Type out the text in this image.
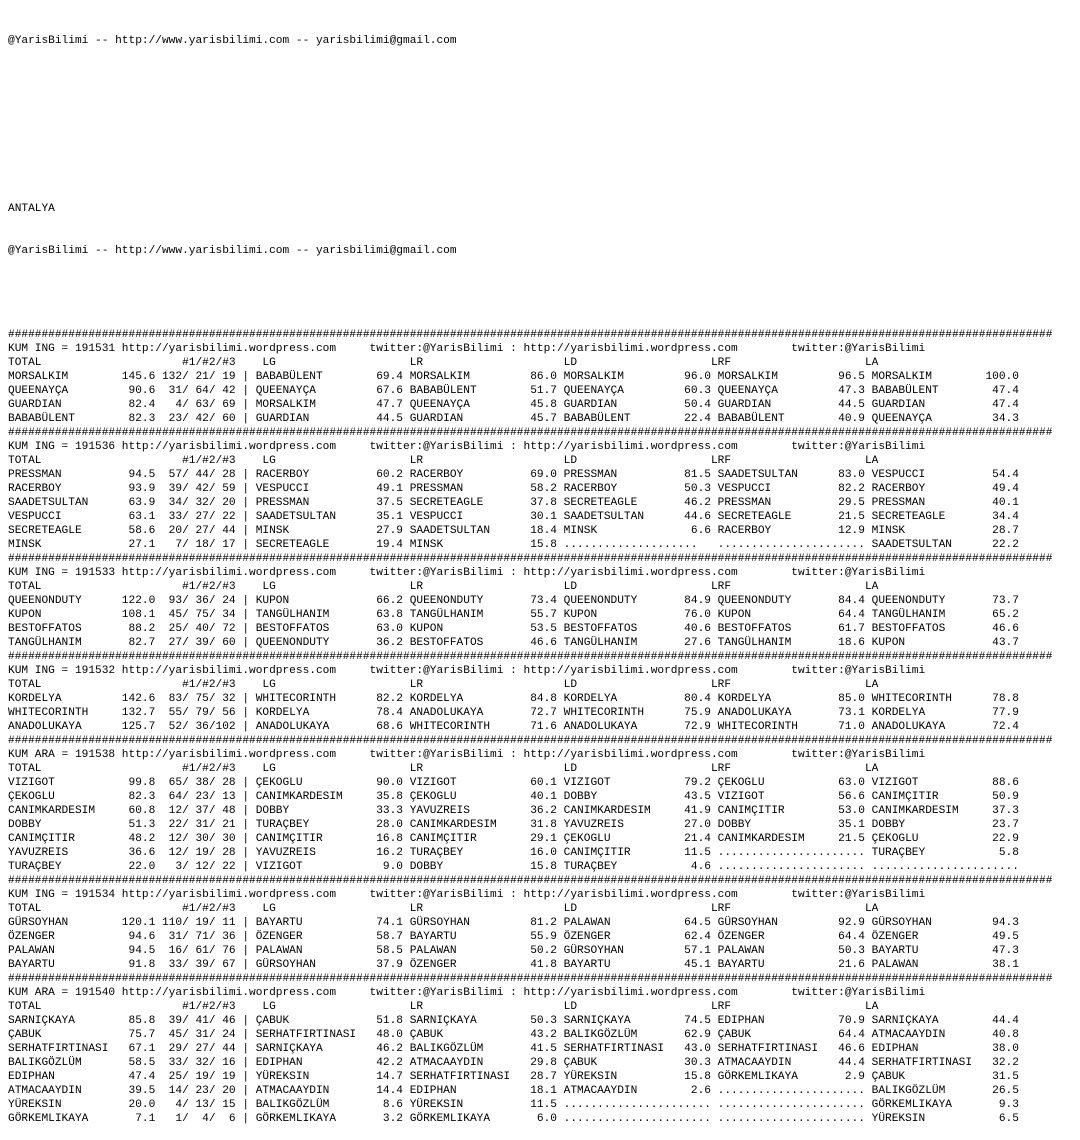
@YarisBilimi -- http://www.yarisbilimi.com -- yarisbilimi@gmail.com

ANTALYA

@YarisBilimi -- http://www.yarisbilimi.com -- yarisbilimi@gmail.com

############################################################################################################################################################
KUM ING = 191531 http://yarisbilimi.wordpress.com     twitter:@YarisBilimi : http://yarisbilimi.wordpress.com        twitter:@YarisBilimi
TOTAL                     #1/#2/#3    LG                    LR                     LD                    LRF                    LA
MORSALKIM        145.6 132/ 21/ 19 | BABABÜLENT        69.4 MORSALKIM         86.0 MORSALKIM         96.0 MORSALKIM         96.5 MORSALKIM        100.0
QUEENAYÇA         90.6  31/ 64/ 42 | QUEENAYÇA         67.6 BABABÜLENT        51.7 QUEENAYÇA         60.3 QUEENAYÇA         47.3 BABABÜLENT        47.4
GUARDIAN          82.4   4/ 63/ 69 | MORSALKIM         47.7 QUEENAYÇA         45.8 GUARDIAN          50.4 GUARDIAN          44.5 GUARDIAN          47.4
BABABÜLENT        82.3  23/ 42/ 60 | GUARDIAN          44.5 GUARDIAN          45.7 BABABÜLENT        22.4 BABABÜLENT        40.9 QUEENAYÇA         34.3
############################################################################################################################################################
KUM ING = 191536 http://yarisbilimi.wordpress.com     twitter:@YarisBilimi : http://yarisbilimi.wordpress.com        twitter:@YarisBilimi
TOTAL                     #1/#2/#3    LG                    LR                     LD                    LRF                    LA
PRESSMAN          94.5  57/ 44/ 28 | RACERBOY          60.2 RACERBOY          69.0 PRESSMAN          81.5 SAADETSULTAN      83.0 VESPUCCI          54.4
RACERBOY          93.9  39/ 42/ 59 | VESPUCCI          49.1 PRESSMAN          58.2 RACERBOY          50.3 VESPUCCI          82.2 RACERBOY          49.4
SAADETSULTAN      63.9  34/ 32/ 20 | PRESSMAN          37.5 SECRETEAGLE       37.8 SECRETEAGLE       46.2 PRESSMAN          29.5 PRESSMAN          40.1
VESPUCCI          63.1  33/ 27/ 22 | SAADETSULTAN      35.1 VESPUCCI          30.1 SAADETSULTAN      44.6 SECRETEAGLE       21.5 SECRETEAGLE       34.4
SECRETEAGLE       58.6  20/ 27/ 44 | MINSK             27.9 SAADETSULTAN      18.4 MINSK              6.6 RACERBOY          12.9 MINSK             28.7
MINSK             27.1   7/ 18/ 17 | SECRETEAGLE       19.4 MINSK             15.8 ....................   ...................... SAADETSULTAN      22.2
############################################################################################################################################################
KUM ING = 191533 http://yarisbilimi.wordpress.com     twitter:@YarisBilimi : http://yarisbilimi.wordpress.com        twitter:@YarisBilimi
TOTAL                     #1/#2/#3    LG                    LR                     LD                    LRF                    LA
QUEENONDUTY      122.0  93/ 36/ 24 | KUPON             66.2 QUEENONDUTY       73.4 QUEENONDUTY       84.9 QUEENONDUTY       84.4 QUEENONDUTY       73.7
KUPON            108.1  45/ 75/ 34 | TANGÜLHANIM       63.8 TANGÜLHANIM       55.7 KUPON             76.0 KUPON             64.4 TANGÜLHANIM       65.2
BESTOFFATOS       88.2  25/ 40/ 72 | BESTOFFATOS       63.0 KUPON             53.5 BESTOFFATOS       40.6 BESTOFFATOS       61.7 BESTOFFATOS       46.6
TANGÜLHANIM       82.7  27/ 39/ 60 | QUEENONDUTY       36.2 BESTOFFATOS       46.6 TANGÜLHANIM       27.6 TANGÜLHANIM       18.6 KUPON             43.7
############################################################################################################################################################
KUM ING = 191532 http://yarisbilimi.wordpress.com     twitter:@YarisBilimi : http://yarisbilimi.wordpress.com        twitter:@YarisBilimi
TOTAL                     #1/#2/#3    LG                    LR                     LD                    LRF                    LA
KORDELYA         142.6  83/ 75/ 32 | WHITECORINTH      82.2 KORDELYA          84.8 KORDELYA          80.4 KORDELYA          85.0 WHITECORINTH      78.8
WHITECORINTH     132.7  55/ 79/ 56 | KORDELYA          78.4 ANADOLUKAYA       72.7 WHITECORINTH      75.9 ANADOLUKAYA       73.1 KORDELYA          77.9
ANADOLUKAYA      125.7  52/ 36/102 | ANADOLUKAYA       68.6 WHITECORINTH      71.6 ANADOLUKAYA       72.9 WHITECORINTH      71.0 ANADOLUKAYA       72.4
############################################################################################################################################################
KUM ARA = 191538 http://yarisbilimi.wordpress.com     twitter:@YarisBilimi : http://yarisbilimi.wordpress.com        twitter:@YarisBilimi
TOTAL                     #1/#2/#3    LG                    LR                     LD                    LRF                    LA
VIZIGOT           99.8  65/ 38/ 28 | ÇEKOGLU           90.0 VIZIGOT           60.1 VIZIGOT           79.2 ÇEKOGLU           63.0 VIZIGOT           88.6
ÇEKOGLU           82.3  64/ 23/ 13 | CANIMKARDESIM     35.8 ÇEKOGLU           40.1 DOBBY             43.5 VIZIGOT           56.6 CANIMÇITIR        50.9
CANIMKARDESIM     60.8  12/ 37/ 48 | DOBBY             33.3 YAVUZREIS         36.2 CANIMKARDESIM     41.9 CANIMÇITIR        53.0 CANIMKARDESIM     37.3
DOBBY             51.3  22/ 31/ 21 | TURAÇBEY          28.0 CANIMKARDESIM     31.8 YAVUZREIS         27.0 DOBBY             35.1 DOBBY             23.7
CANIMÇITIR        48.2  12/ 30/ 30 | CANIMÇITIR        16.8 CANIMÇITIR        29.1 ÇEKOGLU           21.4 CANIMKARDESIM     21.5 ÇEKOGLU           22.9
YAVUZREIS         36.6  12/ 19/ 28 | YAVUZREIS         16.2 TURAÇBEY          16.0 CANIMÇITIR        11.5 ...................... TURAÇBEY           5.8
TURAÇBEY          22.0   3/ 12/ 22 | VIZIGOT            9.0 DOBBY             15.8 TURAÇBEY           4.6 ...................... ......................
############################################################################################################################################################
KUM ING = 191534 http://yarisbilimi.wordpress.com     twitter:@YarisBilimi : http://yarisbilimi.wordpress.com        twitter:@YarisBilimi
TOTAL                     #1/#2/#3    LG                    LR                     LD                    LRF                    LA
GÜRSOYHAN        120.1 110/ 19/ 11 | BAYARTU           74.1 GÜRSOYHAN         81.2 PALAWAN           64.5 GÜRSOYHAN         92.9 GÜRSOYHAN         94.3
ÖZENGER           94.6  31/ 71/ 36 | ÖZENGER           58.7 BAYARTU           55.9 ÖZENGER           62.4 ÖZENGER           64.4 ÖZENGER           49.5
PALAWAN           94.5  16/ 61/ 76 | PALAWAN           58.5 PALAWAN           50.2 GÜRSOYHAN         57.1 PALAWAN           50.3 BAYARTU           47.3
BAYARTU           91.8  33/ 39/ 67 | GÜRSOYHAN         37.9 ÖZENGER           41.8 BAYARTU           45.1 BAYARTU           21.6 PALAWAN           38.1
############################################################################################################################################################
KUM ARA = 191540 http://yarisbilimi.wordpress.com     twitter:@YarisBilimi : http://yarisbilimi.wordpress.com        twitter:@YarisBilimi
TOTAL                     #1/#2/#3    LG                    LR                     LD                    LRF                    LA
SARNIÇKAYA        85.8  39/ 41/ 46 | ÇABUK             51.8 SARNIÇKAYA        50.3 SARNIÇKAYA        74.5 EDIPHAN           70.9 SARNIÇKAYA        44.4
ÇABUK             75.7  45/ 31/ 24 | SERHATFIRTINASI   48.0 ÇABUK             43.2 BALIKGÖZLÜM       62.9 ÇABUK             64.4 ATMACAAYDIN       40.8
SERHATFIRTINASI   67.1  29/ 27/ 44 | SARNIÇKAYA        46.2 BALIKGÖZLÜM       41.5 SERHATFIRTINASI   43.0 SERHATFIRTINASI   46.6 EDIPHAN           38.0
BALIKGÖZLÜM       58.5  33/ 32/ 16 | EDIPHAN           42.2 ATMACAAYDIN       29.8 ÇABUK             30.3 ATMACAAYDIN       44.4 SERHATFIRTINASI   32.2
EDIPHAN           47.4  25/ 19/ 19 | YÜREKSIN          14.7 SERHATFIRTINASI   28.7 YÜREKSIN          15.8 GÖRKEMLIKAYA       2.9 ÇABUK             31.5
ATMACAAYDIN       39.5  14/ 23/ 20 | ATMACAAYDIN       14.4 EDIPHAN           18.1 ATMACAAYDIN        2.6 ...................... BALIKGÖZLÜM       26.5
YÜREKSIN          20.0   4/ 13/ 15 | BALIKGÖZLÜM        8.6 YÜREKSIN          11.5 ...................... ...................... GÖRKEMLIKAYA       9.3
GÖRKEMLIKAYA       7.1   1/  4/  6 | GÖRKEMLIKAYA       3.2 GÖRKEMLIKAYA       6.0 ...................... ...................... YÜREKSIN           6.5
